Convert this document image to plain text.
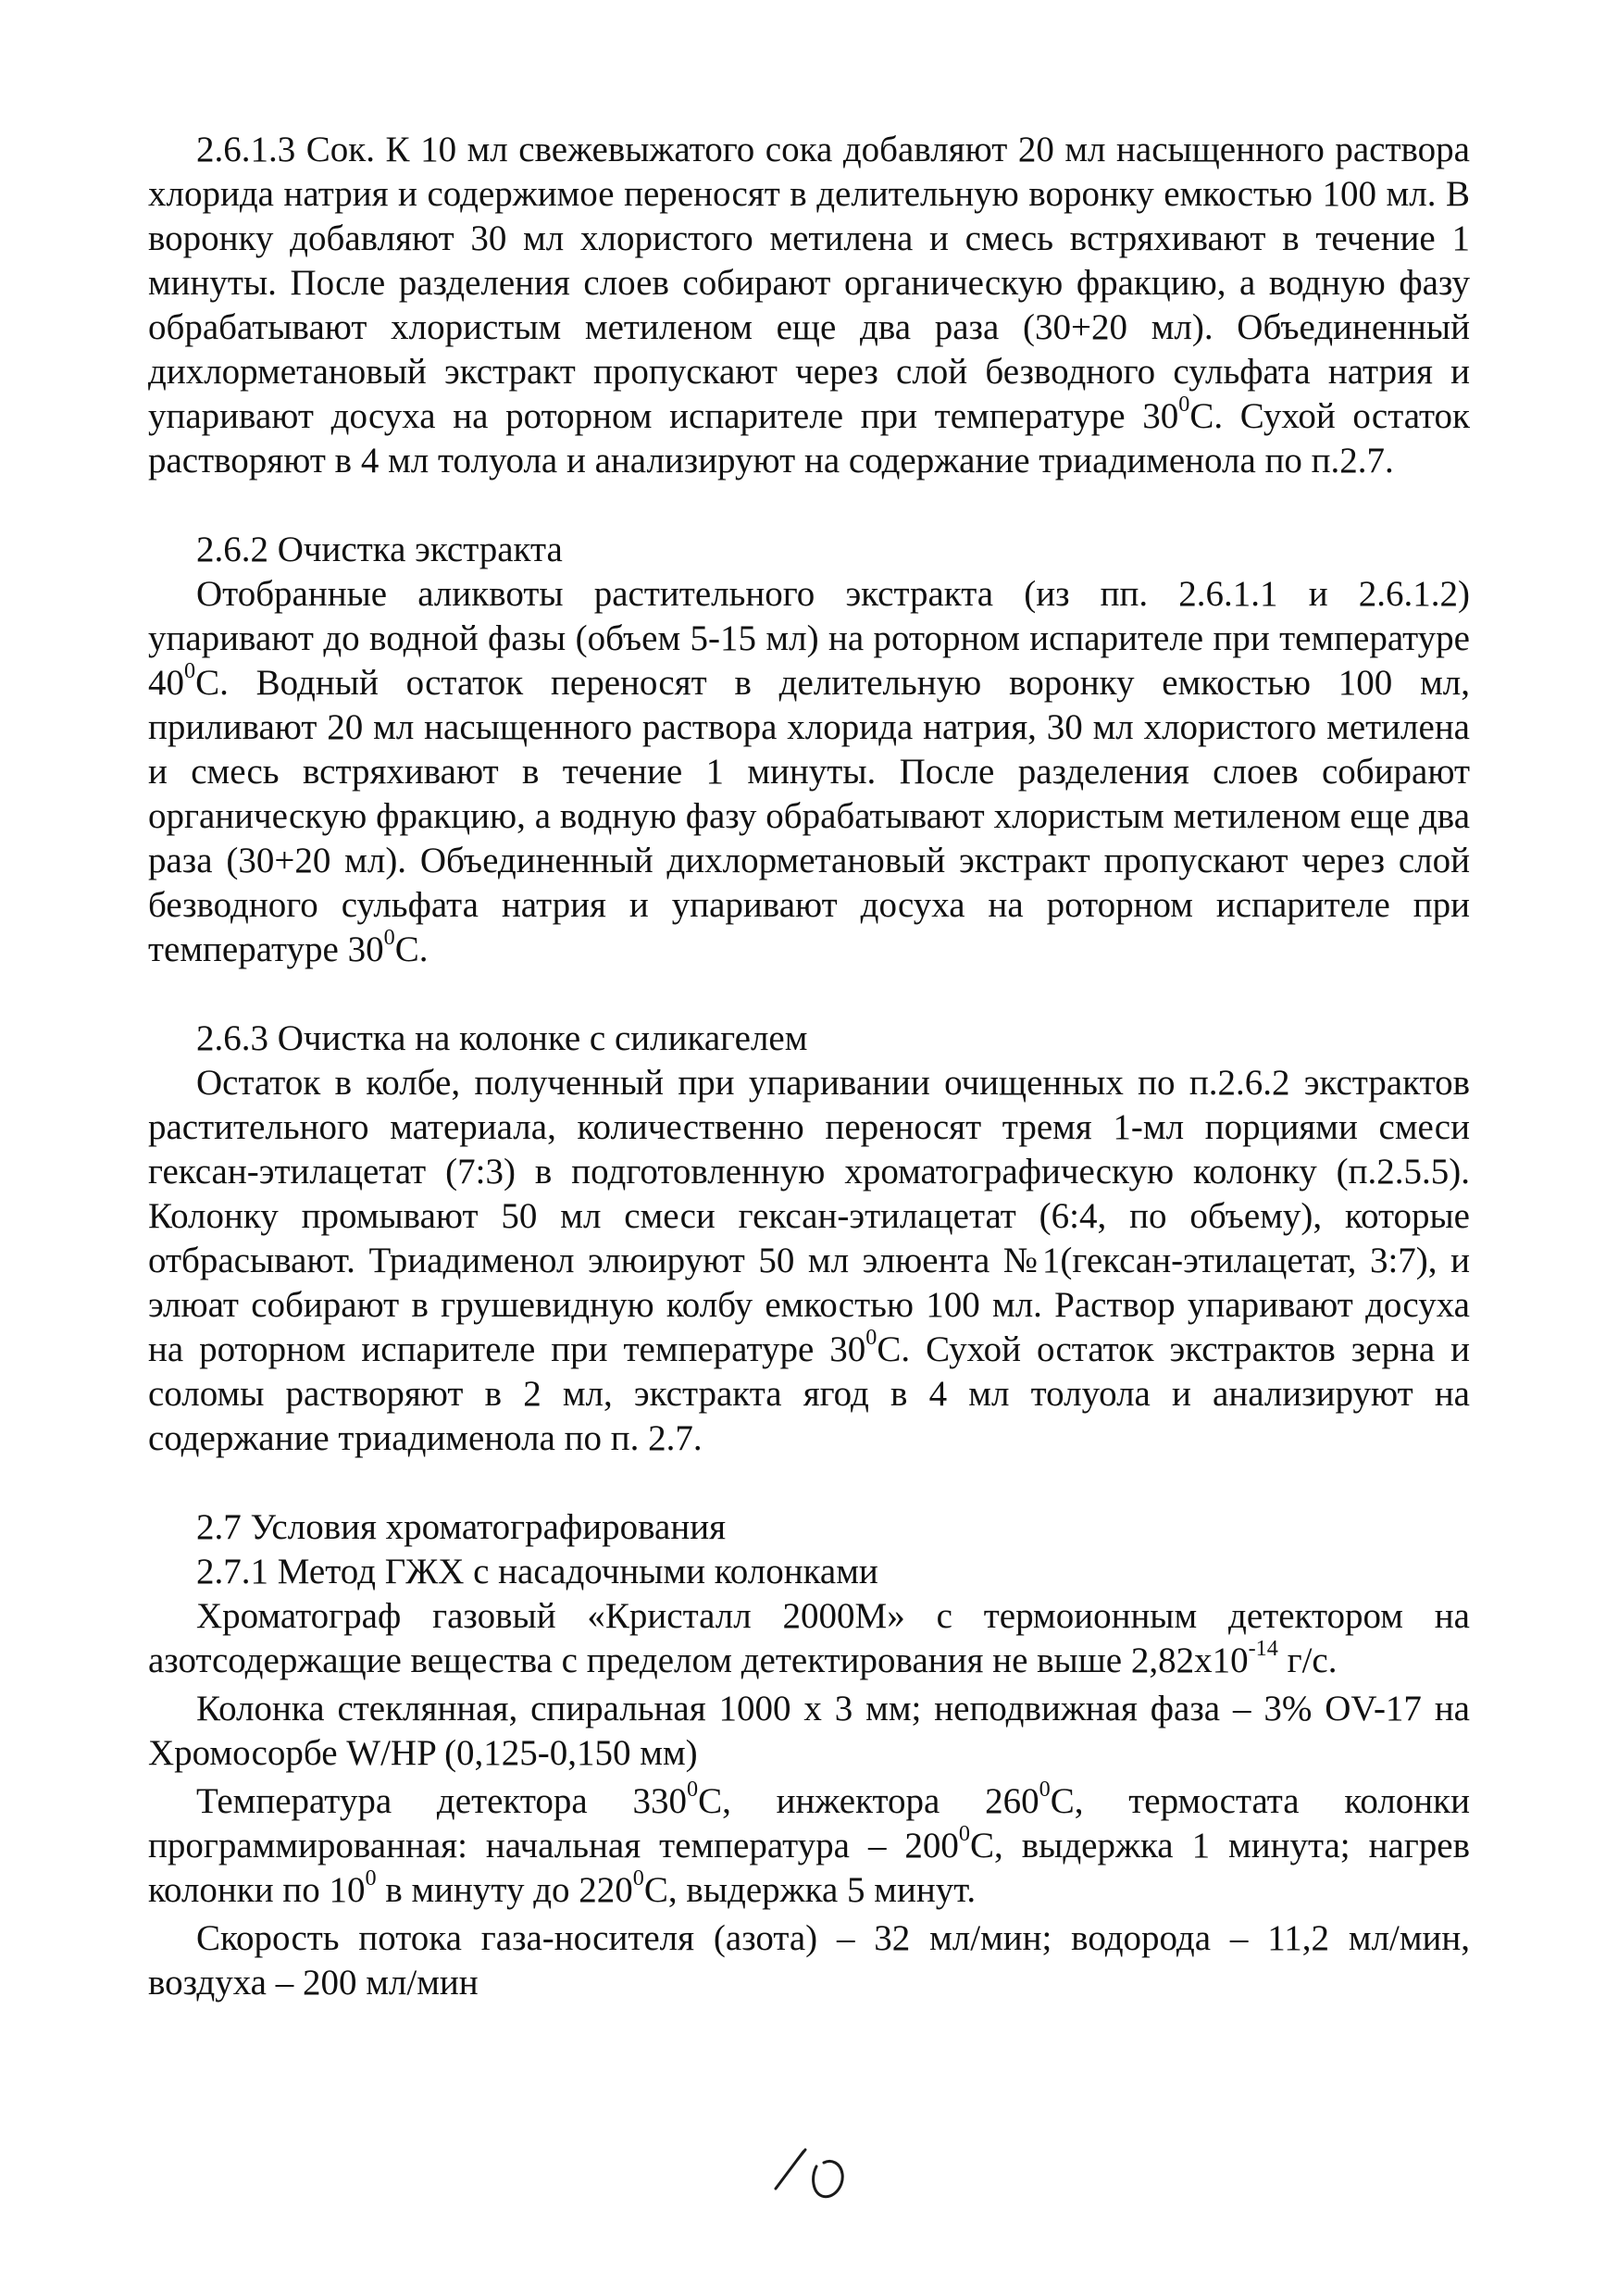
2.6.1.3 Сок. К 10 мл свежевыжатого сока добавляют 20 мл насыщенного раствора хлорида натрия и содержимое переносят в делительную воронку емкостью 100 мл. В воронку добавляют 30 мл хлористого метилена и смесь встряхивают в течение 1 минуты. После разделения слоев собирают органическую фракцию, а водную фазу обрабатывают хлористым метиленом еще два раза (30+20 мл). Объединенный дихлорметановый экстракт пропускают через слой безводного сульфата натрия и упаривают досуха на роторном испарителе при температуре $30^0С$. Сухой остаток растворяют в 4 мл толуола и анализируют на содержание триадименола по п.2.7.

2.6.2 Очистка экстракта

Отобранные аликвоты растительного экстракта (из пп. 2.6.1.1 и 2.6.1.2) упаривают до водной фазы (объем 5-15 мл) на роторном испарителе при температуре $40^0С$. Водный остаток переносят в делительную воронку емкостью 100 мл, приливают 20 мл насыщенного раствора хлорида натрия, 30 мл хлористого метилена и смесь встряхивают в течение 1 минуты. После разделения слоев собирают органическую фракцию, а водную фазу обрабатывают хлористым метиленом еще два раза (30+20 мл). Объединенный дихлорметановый экстракт пропускают через слой безводного сульфата натрия и упаривают досуха на роторном испарителе при температуре $30^0С$.

2.6.3 Очистка на колонке с силикагелем

Остаток в колбе, полученный при упаривании очищенных по п.2.6.2 экстрактов растительного материала, количественно переносят тремя 1-мл порциями смеси гексан-этилацетат (7:3) в подготовленную хроматографическую колонку (п.2.5.5). Колонку промывают 50 мл смеси гексан-этилацетат (6:4, по объему), которые отбрасывают. Триадименол элюируют 50 мл элюента №1(гексан-этилацетат, 3:7), и элюат собирают в грушевидную колбу емкостью 100 мл. Раствор упаривают досуха на роторном испарителе при температуре $30^0С$. Сухой остаток экстрактов зерна и соломы растворяют в 2 мл, экстракта ягод в 4 мл толуола и анализируют на содержание триадименола по п. 2.7.

2.7 Условия хроматографирования

2.7.1 Метод ГЖХ с насадочными колонками

Хроматограф газовый «Кристалл 2000М» с термоионным детектором на азотсодержащие вещества с пределом детектирования не выше $2,82x10^{-14}$ г/с.

Колонка стеклянная, спиральная 1000 х 3 мм; неподвижная фаза – 3% OV-17 на Хромосорбе W/HP (0,125-0,150 мм)

Температура детектора $330^0С$, инжектора $260^0С$, термостата колонки программированная: начальная температура – $200^0С$, выдержка 1 минута; нагрев колонки по $10^0$ в минуту до $220^0С$, выдержка 5 минут.

Скорость потока газа-носителя (азота) – 32 мл/мин; водорода – 11,2 мл/мин, воздуха – 200 мл/мин
